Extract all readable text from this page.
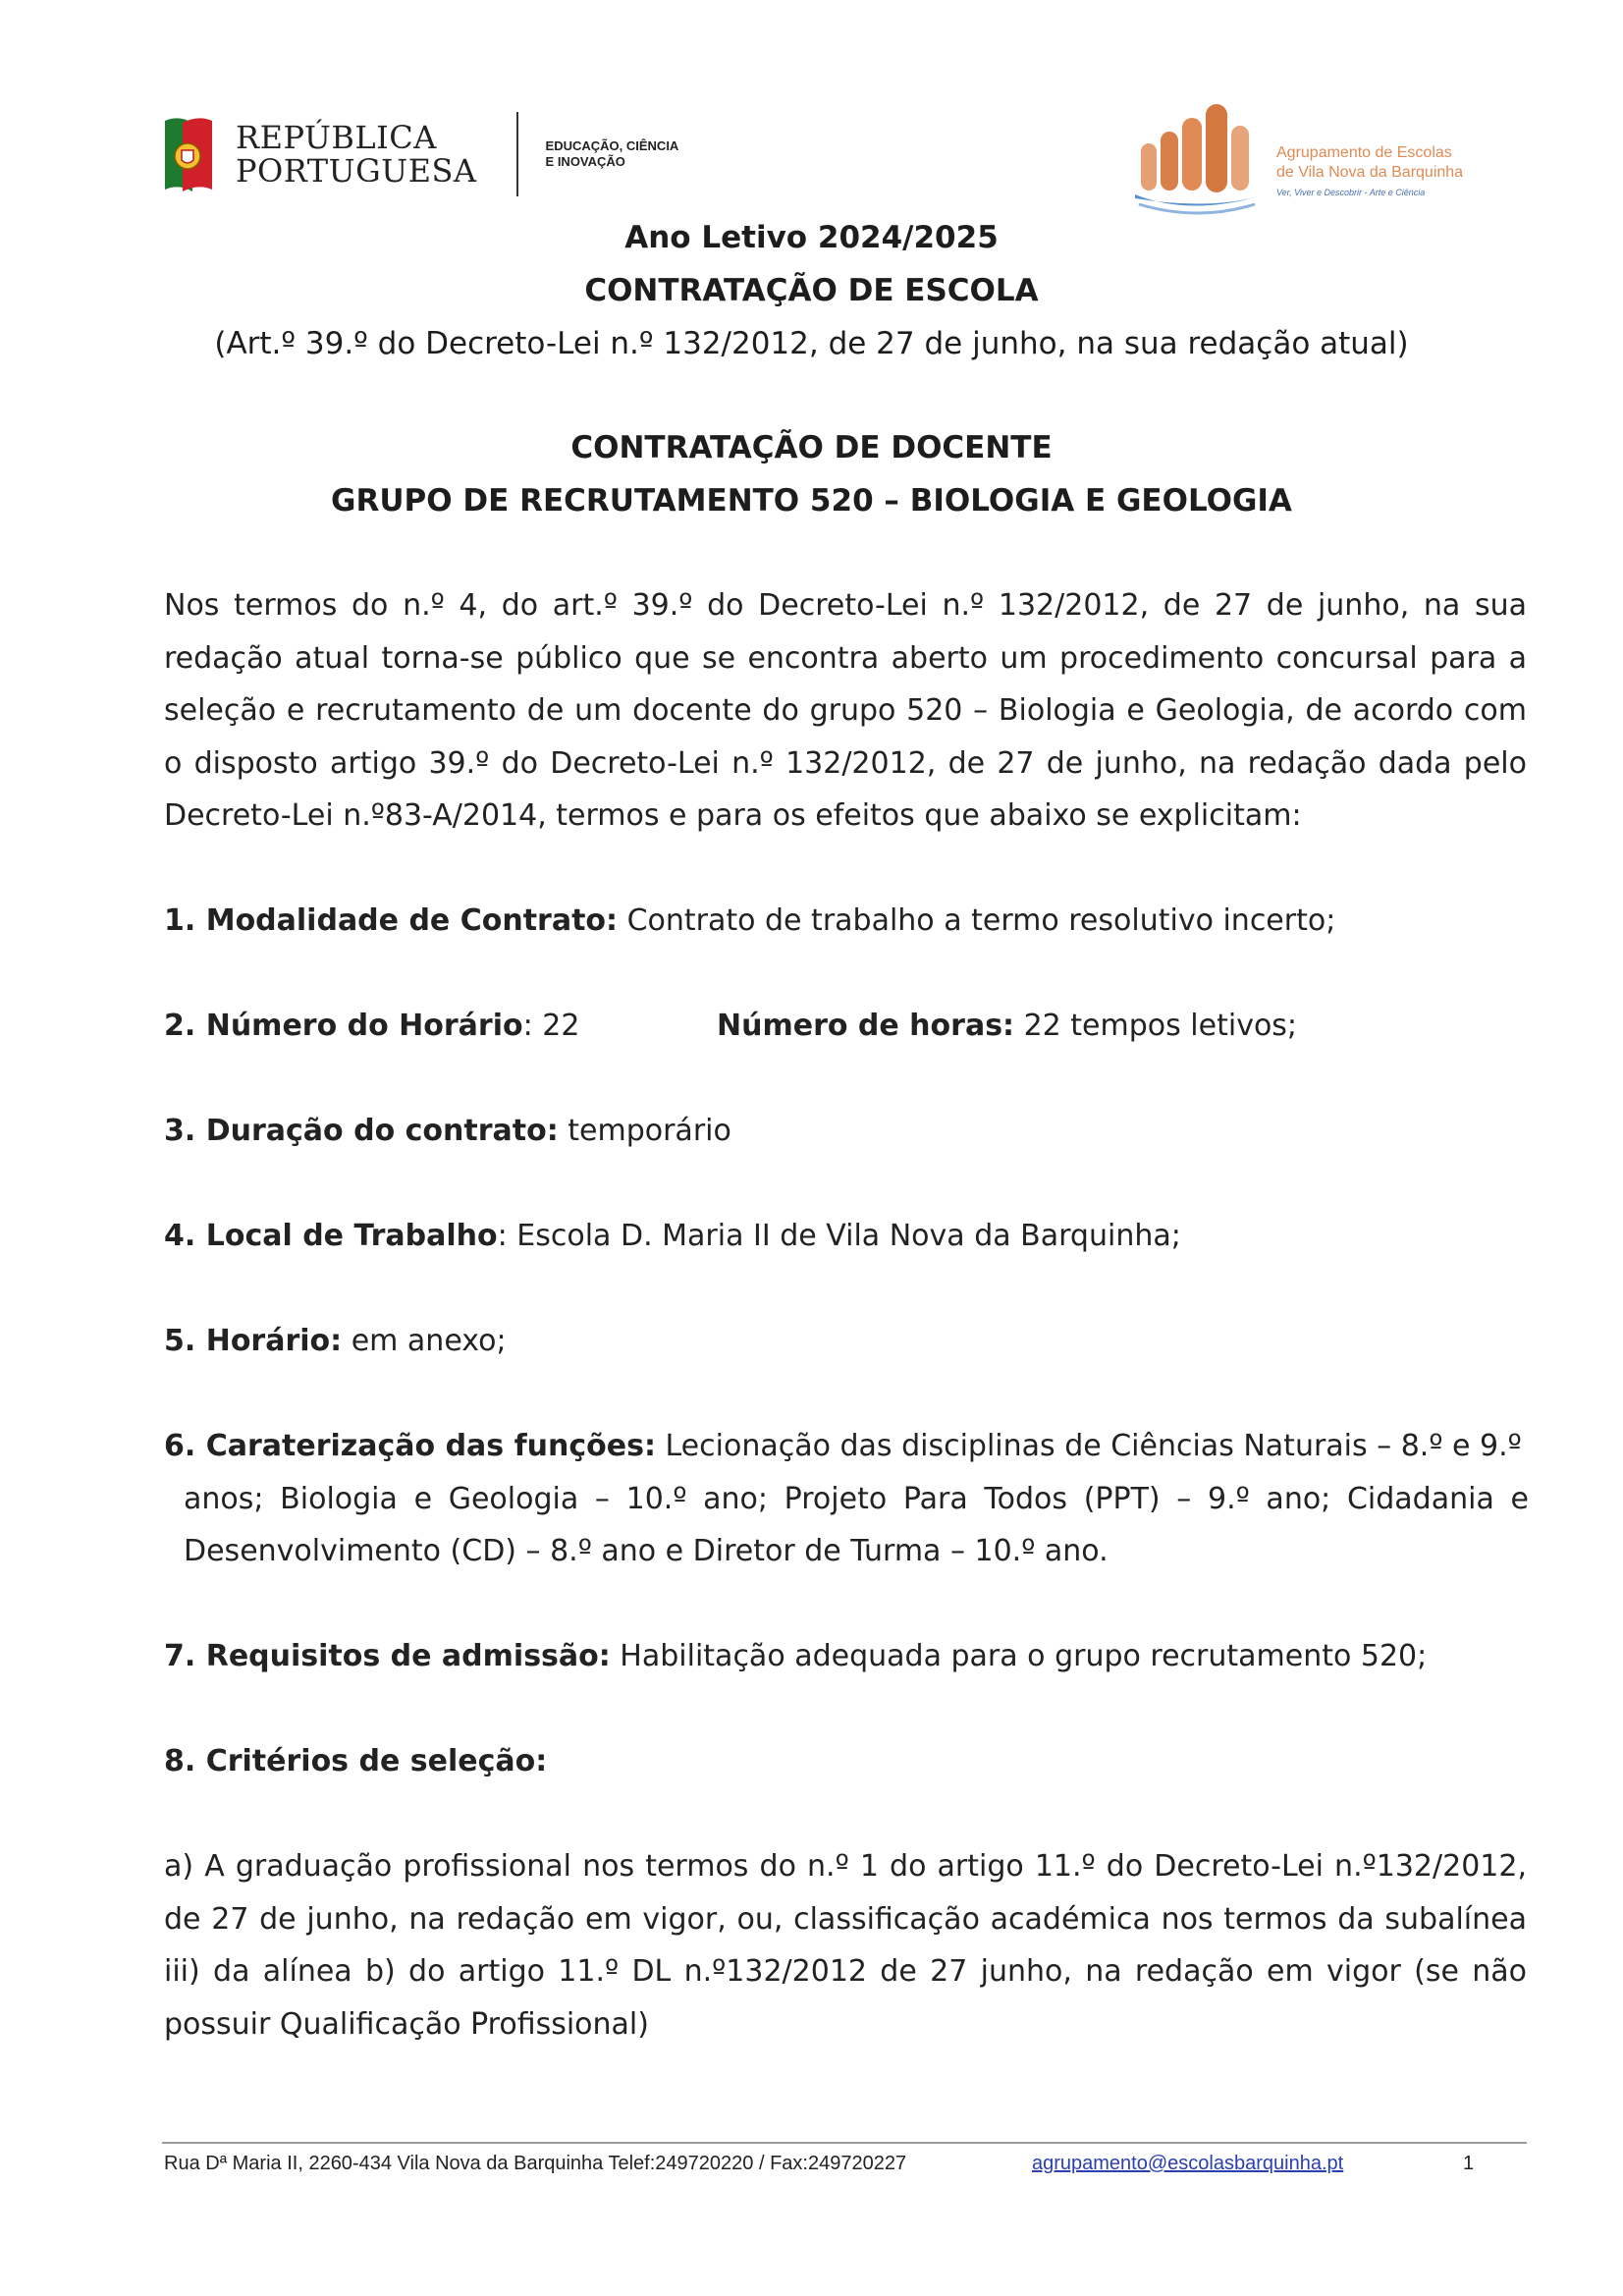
REPÚBLICA
PORTUGUESA
EDUCAÇÃO, CIÊNCIA
E INOVAÇÃO
Agrupamento de Escolas
de Vila Nova da Barquinha
Ver, Viver e Descobrir - Arte e Ciência
Ano Letivo 2024/2025
CONTRATAÇÃO DE ESCOLA
(Art.º 39.º do Decreto-Lei n.º 132/2012, de 27 de junho, na sua redação atual)
CONTRATAÇÃO DE DOCENTE
GRUPO DE RECRUTAMENTO 520 – BIOLOGIA E GEOLOGIA
Nos termos do n.º 4, do art.º 39.º do Decreto-Lei n.º 132/2012, de 27 de junho, na sua redação atual torna-se público que se encontra aberto um procedimento concursal para a seleção e recrutamento de um docente do grupo 520 – Biologia e Geologia, de acordo com o disposto artigo 39.º do Decreto-Lei n.º 132/2012, de 27 de junho, na redação dada pelo Decreto-Lei n.º83-A/2014, termos e para os efeitos que abaixo se explicitam:
1. Modalidade de Contrato: Contrato de trabalho a termo resolutivo incerto;
2. Número do Horário: 22	Número de horas: 22 tempos letivos;
3. Duração do contrato: temporário
4. Local de Trabalho: Escola D. Maria II de Vila Nova da Barquinha;
5. Horário: em anexo;
6. Caraterização das funções: Lecionação das disciplinas de Ciências Naturais – 8.º e 9.º
anos; Biologia e Geologia – 10.º ano; Projeto Para Todos (PPT) – 9.º ano; Cidadania e Desenvolvimento (CD) – 8.º ano e Diretor de Turma – 10.º ano.
7. Requisitos de admissão: Habilitação adequada para o grupo recrutamento 520;
8. Critérios de seleção:
a) A graduação profissional nos termos do n.º 1 do artigo 11.º do Decreto-Lei n.º132/2012, de 27 de junho, na redação em vigor, ou, classificação académica nos termos da subalínea iii) da alínea b) do artigo 11.º DL n.º132/2012 de 27 junho, na redação em vigor (se não possuir Qualificação Profissional)
Rua Dª Maria II, 2260-434 Vila Nova da Barquinha Telef:249720220 / Fax:249720227	agrupamento@escolasbarquinha.pt	1
